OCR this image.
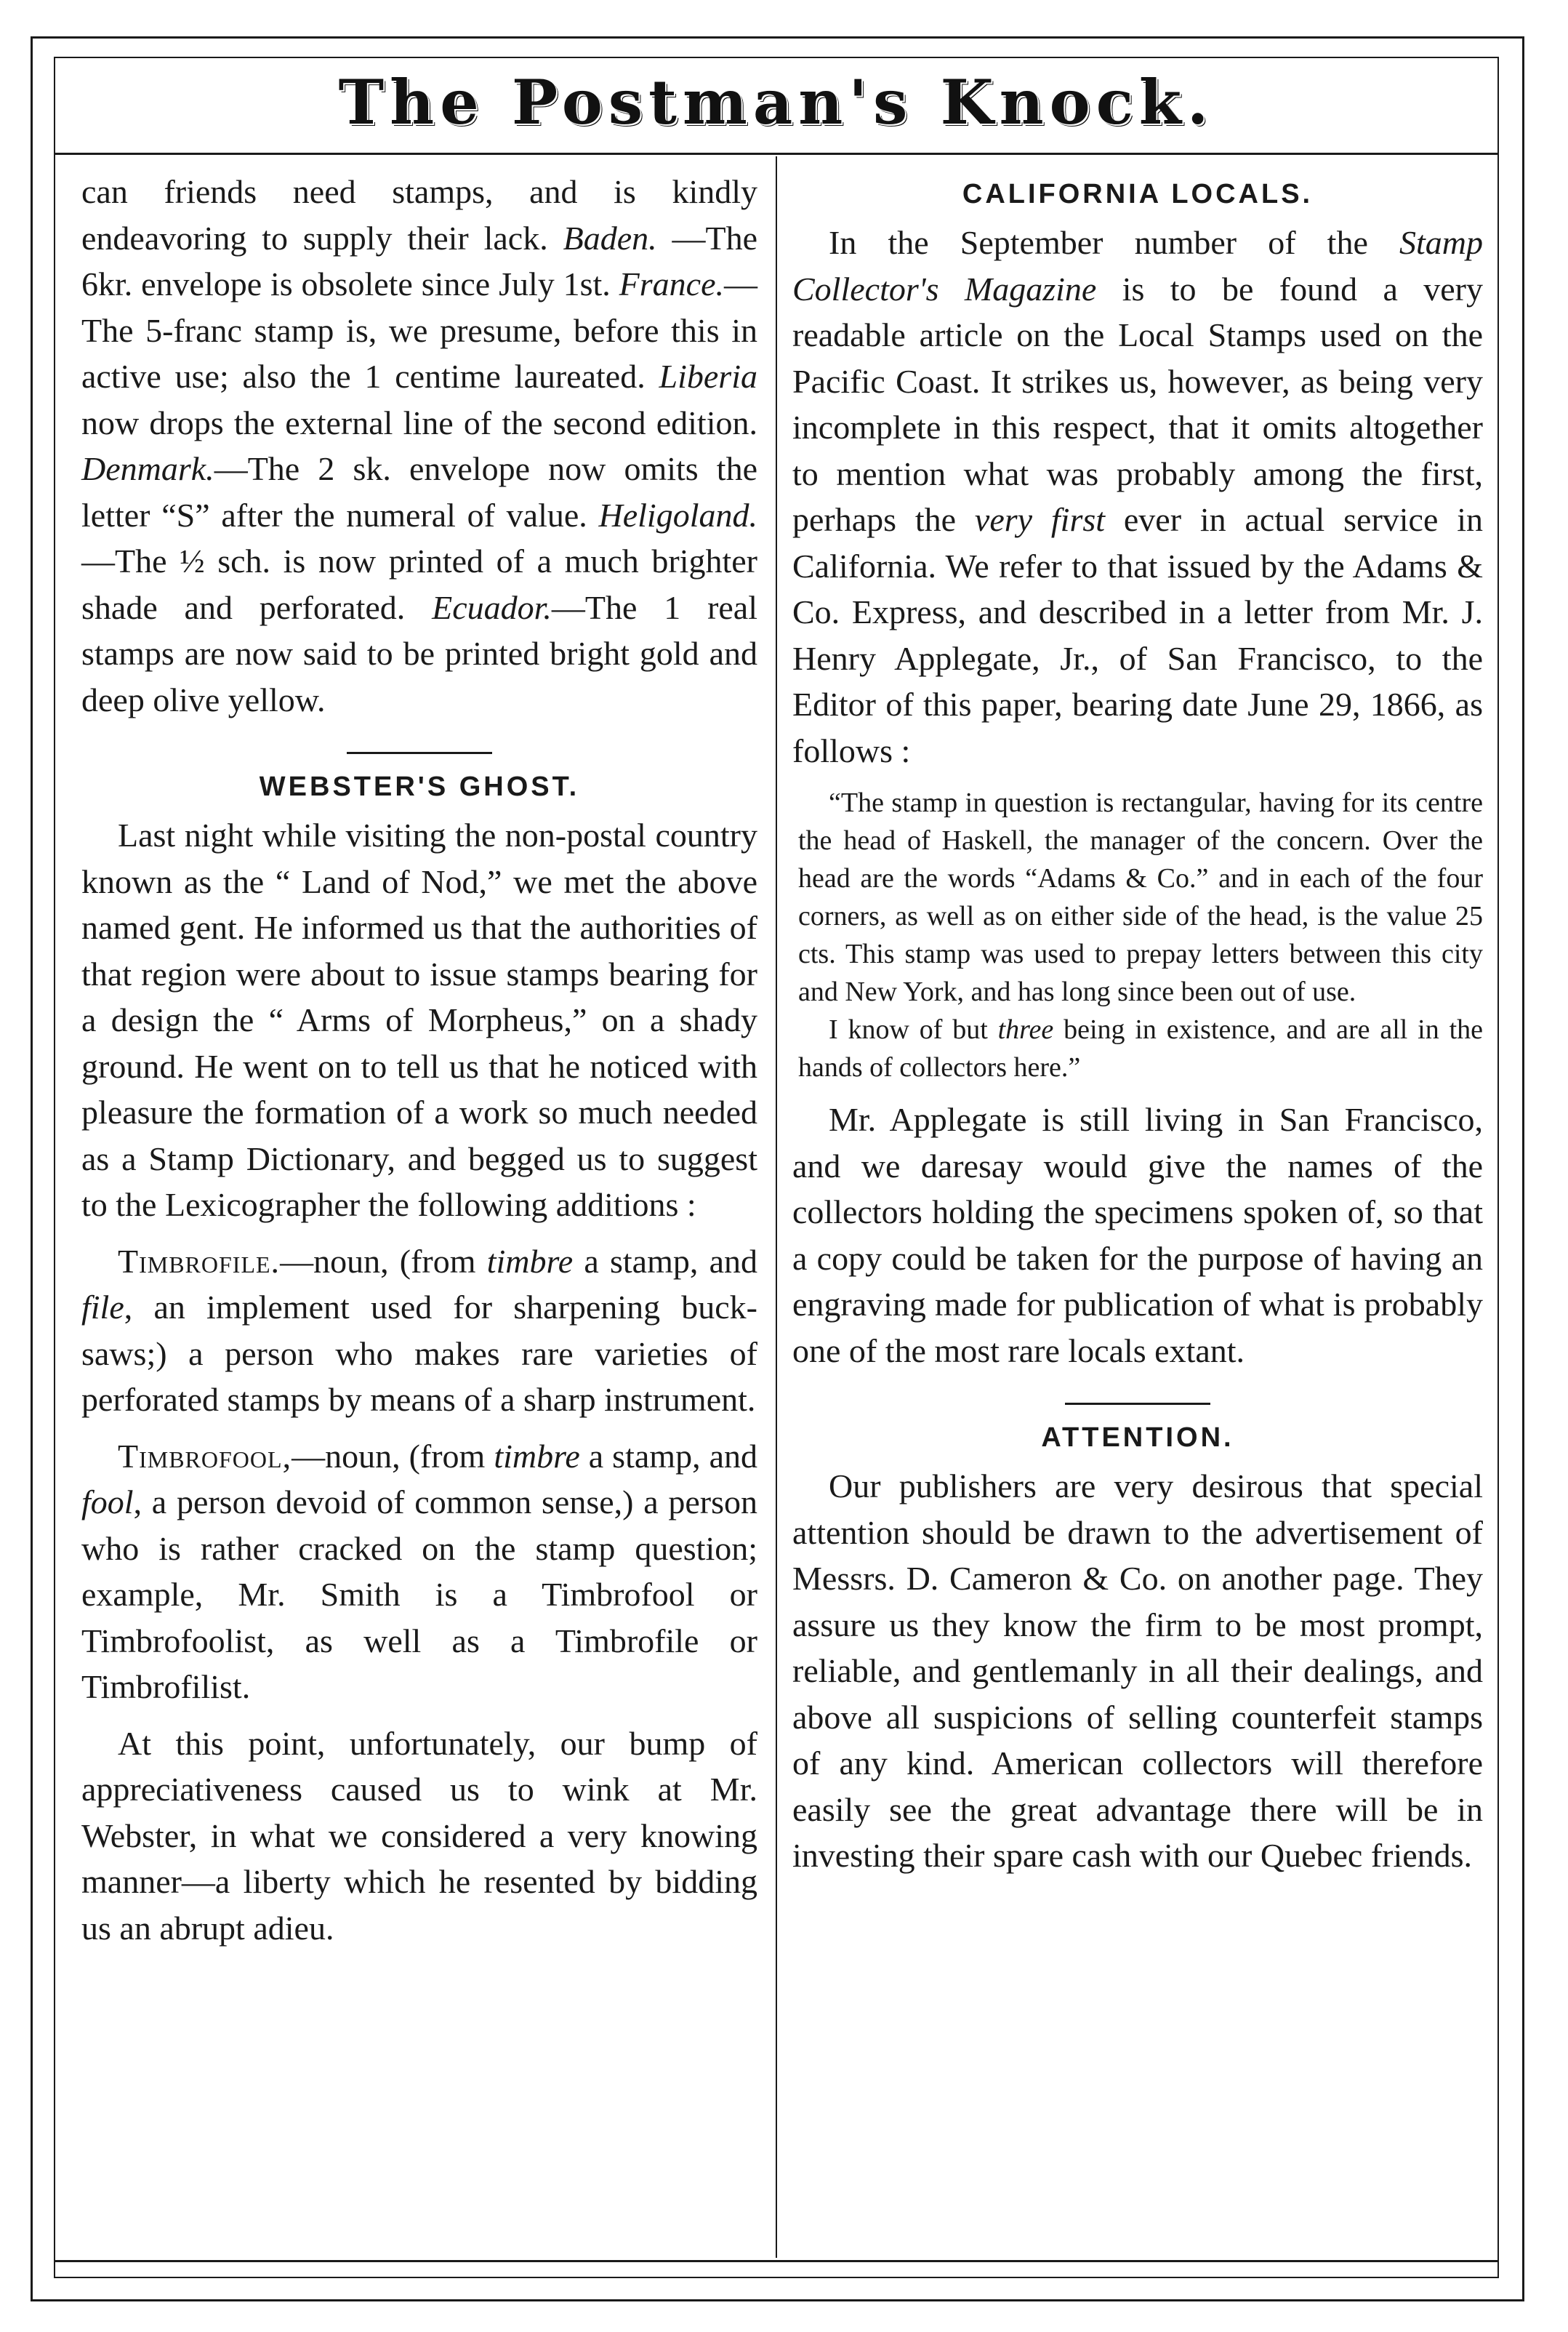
The Postman's Knock.

can friends need stamps, and is kindly endeavoring to supply their lack. Baden. —The 6kr. envelope is obsolete since July 1st. France.—The 5-franc stamp is, we presume, before this in active use; also the 1 centime laureated. Liberia now drops the external line of the second edition. Denmark.—The 2 sk. envelope now omits the letter “S” after the numeral of value. Heligoland.—The ½ sch. is now printed of a much brighter shade and perforated. Ecuador.—The 1 real stamps are now said to be printed bright gold and deep olive yellow.

WEBSTER'S GHOST.

Last night while visiting the non-postal country known as the “ Land of Nod,” we met the above named gent. He informed us that the authorities of that region were about to issue stamps bearing for a design the “ Arms of Morpheus,” on a shady ground. He went on to tell us that he noticed with pleasure the formation of a work so much needed as a Stamp Dictionary, and begged us to suggest to the Lexicographer the following additions :

Timbrofile.—noun, (from timbre a stamp, and file, an implement used for sharpening buck-saws;) a person who makes rare varieties of perforated stamps by means of a sharp instrument.

Timbrofool,—noun, (from timbre a stamp, and fool, a person devoid of common sense,) a person who is rather cracked on the stamp question; example, Mr. Smith is a Timbrofool or Timbrofoolist, as well as a Timbrofile or Timbrofilist.

At this point, unfortunately, our bump of appreciativeness caused us to wink at Mr. Webster, in what we considered a very knowing manner—a liberty which he resented by bidding us an abrupt adieu.

CALIFORNIA LOCALS.

In the September number of the Stamp Collector's Magazine is to be found a very readable article on the Local Stamps used on the Pacific Coast. It strikes us, however, as being very incomplete in this respect, that it omits altogether to mention what was probably among the first, perhaps the very first ever in actual service in California. We refer to that issued by the Adams & Co. Express, and described in a letter from Mr. J. Henry Applegate, Jr., of San Francisco, to the Editor of this paper, bearing date June 29, 1866, as follows :

“The stamp in question is rectangular, having for its centre the head of Haskell, the manager of the concern. Over the head are the words “Adams & Co.” and in each of the four corners, as well as on either side of the head, is the value 25 cts. This stamp was used to prepay letters between this city and New York, and has long since been out of use.

I know of but three being in existence, and are all in the hands of collectors here.”

Mr. Applegate is still living in San Francisco, and we daresay would give the names of the collectors holding the specimens spoken of, so that a copy could be taken for the purpose of having an engraving made for publication of what is probably one of the most rare locals extant.

ATTENTION.

Our publishers are very desirous that special attention should be drawn to the advertisement of Messrs. D. Cameron & Co. on another page. They assure us they know the firm to be most prompt, reliable, and gentlemanly in all their dealings, and above all suspicions of selling counterfeit stamps of any kind. American collectors will therefore easily see the great advantage there will be in investing their spare cash with our Quebec friends.
